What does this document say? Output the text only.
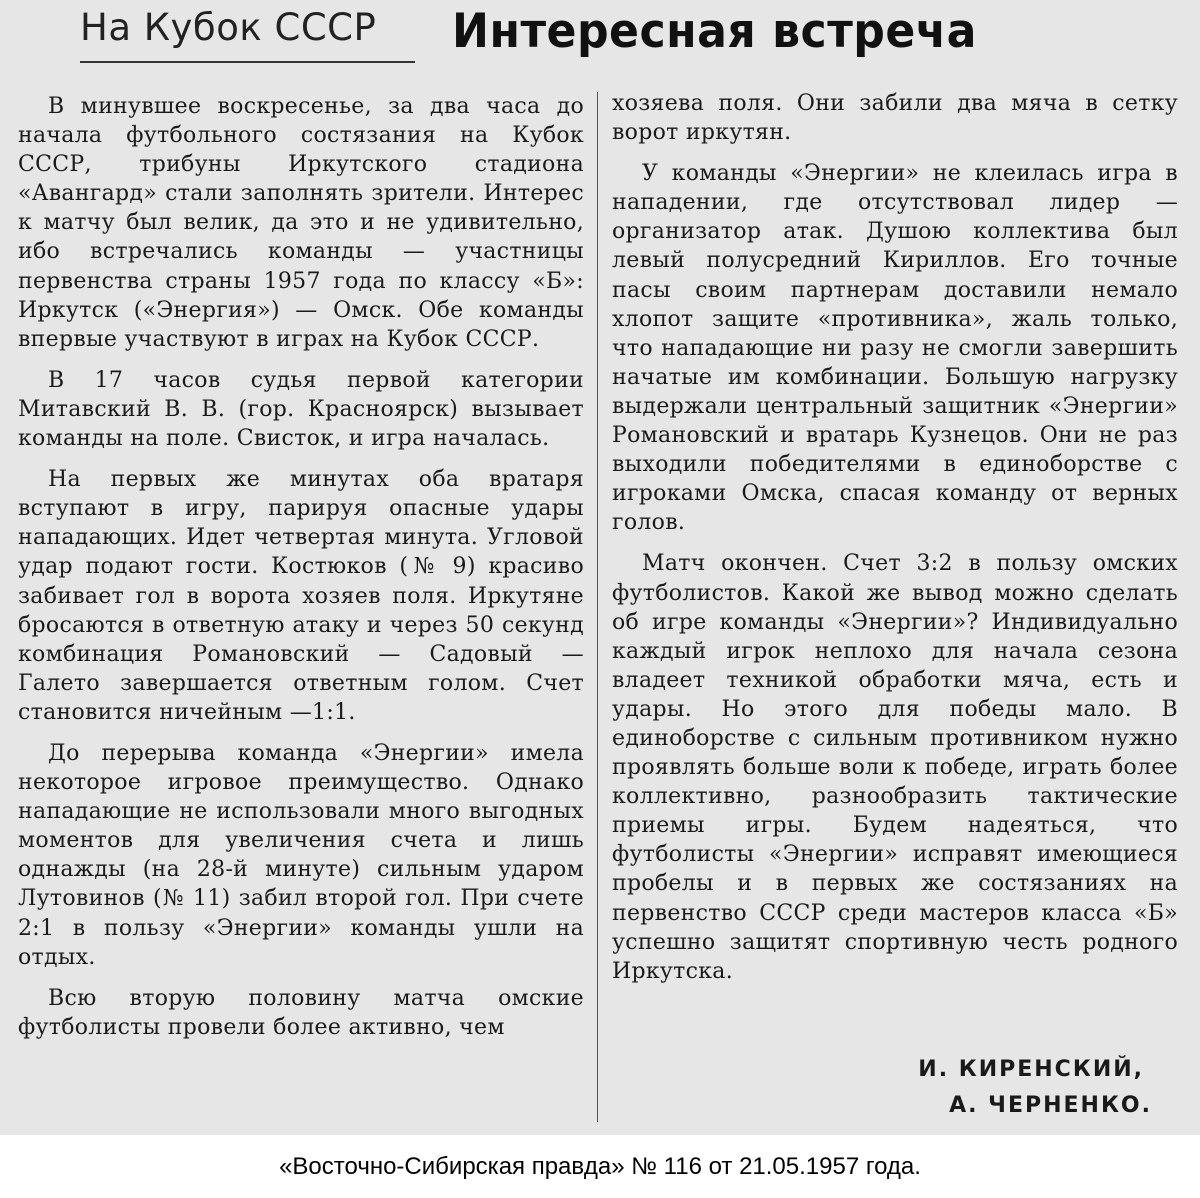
На Кубок СССР Интересная встреча

В минувшее воскресенье, за два часа до начала футбольного состязания на Кубок СССР, трибуны Иркутского стадиона «Авангард» стали заполнять зрители. Интерес к матчу был велик, да это и не удивительно, ибо встречались команды — участницы первенства страны 1957 года по классу «Б»: Иркутск («Энергия») — Омск. Обе команды впервые участвуют в играх на Кубок СССР.

В 17 часов судья первой категории Митавский В. В. (гор. Красноярск) вызывает команды на поле. Свисток, и игра началась.

На первых же минутах оба вратаря вступают в игру, парируя опасные удары нападающих. Идет четвертая минута. Угловой удар подают гости. Костюков (№ 9) красиво забивает гол в ворота хозяев поля. Иркутяне бросаются в ответную атаку и через 50 секунд комбинация Романовский — Садовый — Галето завершается ответным голом. Счет становится ничейным —1:1.

До перерыва команда «Энергии» имела некоторое игровое преимущество. Однако нападающие не использовали много выгодных моментов для увеличения счета и лишь однажды (на 28-й минуте) сильным ударом Лутовинов (№ 11) забил второй гол. При счете 2:1 в пользу «Энергии» команды ушли на отдых.

Всю вторую половину матча омские футболисты провели более активно, чем

хозяева поля. Они забили два мяча в сетку ворот иркутян.

У команды «Энергии» не клеилась игра в нападении, где отсутствовал лидер — организатор атак. Душою коллектива был левый полусредний Кириллов. Его точные пасы своим партнерам доставили немало хлопот защите «противника», жаль только, что нападающие ни разу не смогли завершить начатые им комбинации. Большую нагрузку выдержали центральный защитник «Энергии» Романовский и вратарь Кузнецов. Они не раз выходили победителями в единоборстве с игроками Омска, спасая команду от верных голов.

Матч окончен. Счет 3:2 в пользу омских футболистов. Какой же вывод можно сделать об игре команды «Энергии»? Индивидуально каждый игрок неплохо для начала сезона владеет техникой обработки мяча, есть и удары. Но этого для победы мало. В единоборстве с сильным противником нужно проявлять больше воли к победе, играть более коллективно, разнообразить тактические приемы игры. Будем надеяться, что футболисты «Энергии» исправят имеющиеся пробелы и в первых же состязаниях на первенство СССР среди мастеров класса «Б» успешно защитят спортивную честь родного Иркутска.

И. КИРЕНСКИЙ,
А. ЧЕРНЕНКО.
«Восточно-Сибирская правда» № 116 от 21.05.1957 года.
